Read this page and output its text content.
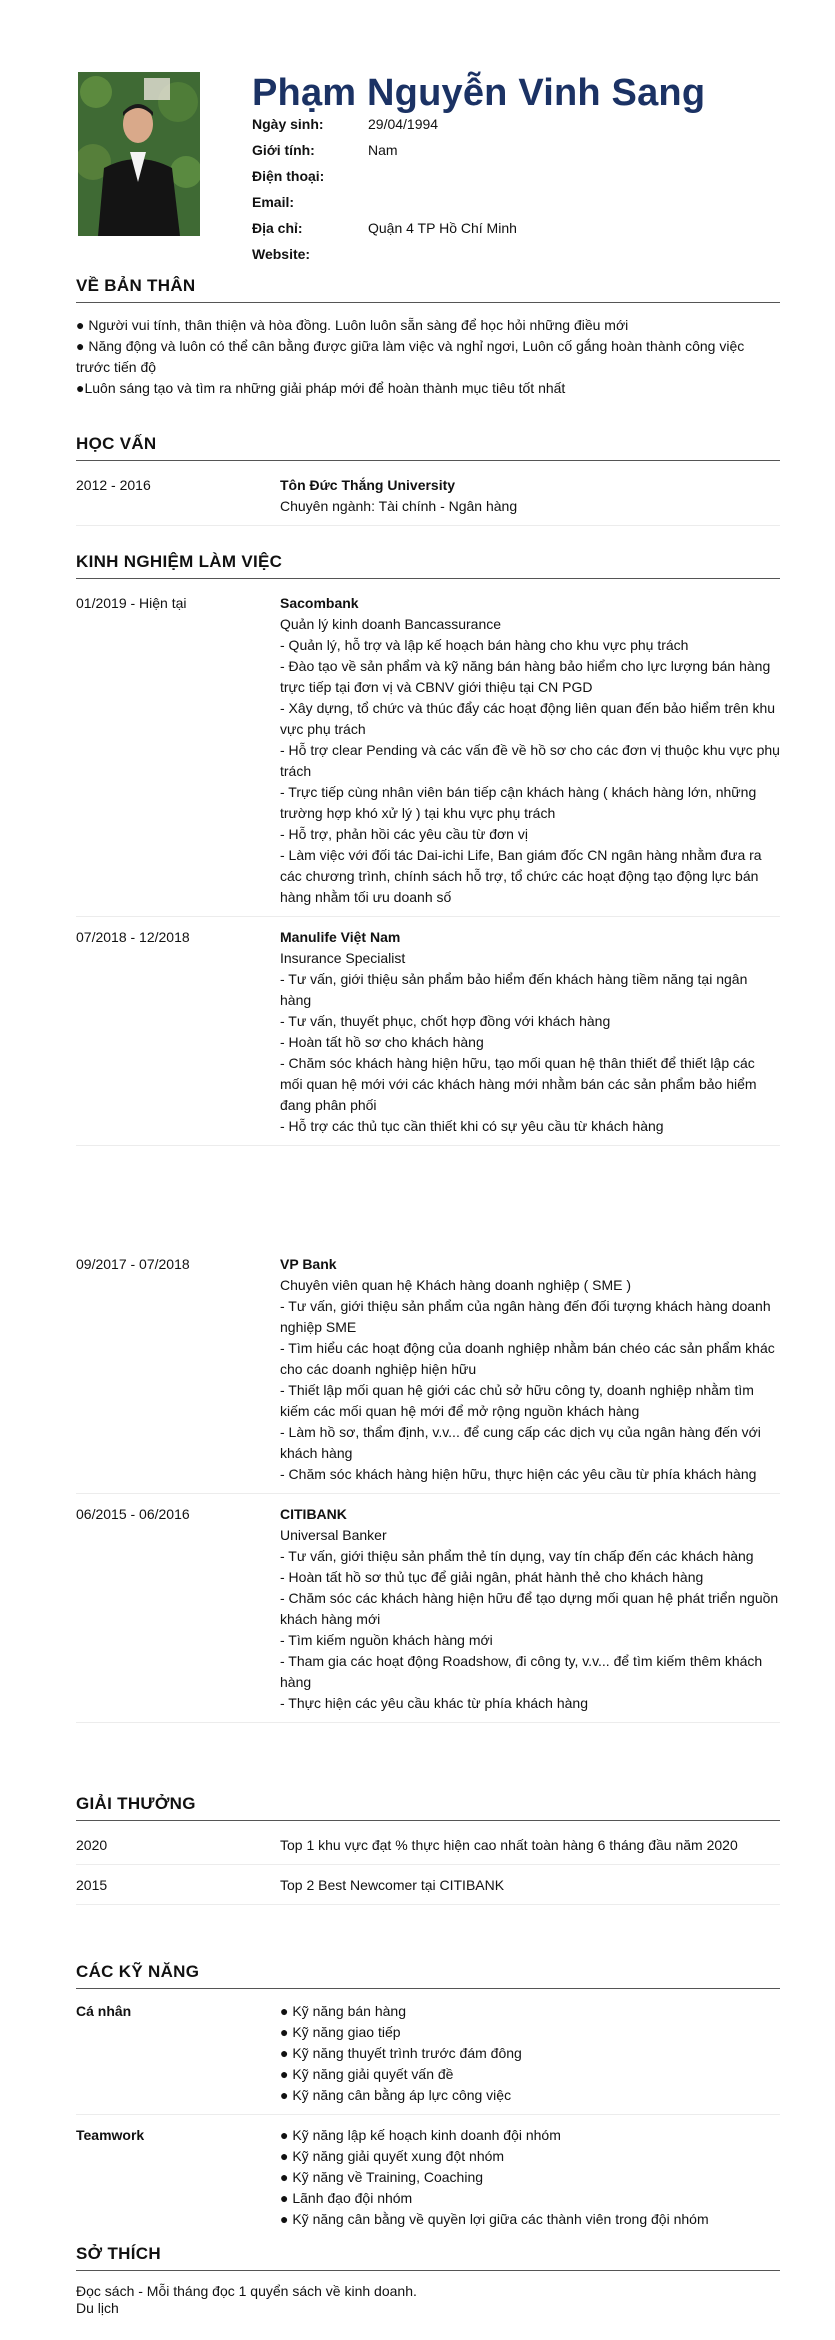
Phạm Nguyễn Vinh Sang
Ngày sinh:	29/04/1994
Giới tính:	Nam
Điện thoại:
Email:
Địa chỉ:	Quận 4 TP Hồ Chí Minh
Website:
VỀ BẢN THÂN
● Người vui tính, thân thiện và hòa đồng. Luôn luôn sẵn sàng để học hỏi những điều mới
● Năng động và luôn có thể cân bằng được giữa làm việc và nghỉ ngơi, Luôn cố gắng hoàn thành công việc trước tiến độ
●Luôn sáng tạo và tìm ra những giải pháp mới để hoàn thành mục tiêu tốt nhất
HỌC VẤN
2012 - 2016	Tôn Đức Thắng University
Chuyên ngành: Tài chính - Ngân hàng
KINH NGHIỆM LÀM VIỆC
01/2019 - Hiện tại	Sacombank
Quản lý kinh doanh Bancassurance
- Quản lý, hỗ trợ và lập kế hoạch bán hàng cho khu vực phụ trách
- Đào tạo về sản phẩm và kỹ năng bán hàng bảo hiểm cho lực lượng bán hàng trực tiếp tại đơn vị và CBNV giới thiệu tại CN PGD
- Xây dựng, tổ chức và thúc đẩy các hoạt động liên quan đến bảo hiểm trên khu vực phụ trách
- Hỗ trợ clear Pending và các vấn đề về hồ sơ cho các đơn vị thuộc khu vực phụ trách
- Trực tiếp cùng nhân viên bán tiếp cận khách hàng ( khách hàng lớn, những trường hợp khó xử lý ) tại khu vực phụ trách
- Hỗ trợ, phản hồi các yêu cầu từ đơn vị
- Làm việc với đối tác Dai-ichi Life, Ban giám đốc CN ngân hàng nhằm đưa ra các chương trình, chính sách hỗ trợ, tổ chức các hoạt động tạo động lực bán hàng nhằm tối ưu doanh số
07/2018 - 12/2018	Manulife Việt Nam
Insurance Specialist
- Tư vấn, giới thiệu sản phẩm bảo hiểm đến khách hàng tiềm năng tại ngân hàng
- Tư vấn, thuyết phục, chốt hợp đồng với khách hàng
- Hoàn tất hồ sơ cho khách hàng
- Chăm sóc khách hàng hiện hữu, tạo mối quan hệ thân thiết để thiết lập các mối quan hệ mới với các khách hàng mới nhằm bán các sản phẩm bảo hiểm đang phân phối
- Hỗ trợ các thủ tục cần thiết khi có sự yêu cầu từ khách hàng
09/2017 - 07/2018	VP Bank
Chuyên viên quan hệ Khách hàng doanh nghiệp ( SME )
- Tư vấn, giới thiệu sản phẩm của ngân hàng đến đối tượng khách hàng doanh nghiệp SME
- Tìm hiểu các hoạt động của doanh nghiệp nhằm bán chéo các sản phẩm khác cho các doanh nghiệp hiện hữu
- Thiết lập mối quan hệ giới các chủ sở hữu công ty, doanh nghiệp nhằm tìm kiếm các mối quan hệ mới để mở rộng nguồn khách hàng
- Làm hồ sơ, thẩm định, v.v... để cung cấp các dịch vụ của ngân hàng đến với khách hàng
- Chăm sóc khách hàng hiện hữu, thực hiện các yêu cầu từ phía khách hàng
06/2015 - 06/2016	CITIBANK
Universal Banker
- Tư vấn, giới thiệu sản phẩm thẻ tín dụng, vay tín chấp đến các khách hàng
- Hoàn tất hồ sơ thủ tục để giải ngân, phát hành thẻ cho khách hàng
- Chăm sóc các khách hàng hiện hữu để tạo dựng mối quan hệ phát triển nguồn khách hàng mới
- Tìm kiếm nguồn khách hàng mới
- Tham gia các hoạt động Roadshow, đi công ty, v.v... để tìm kiếm thêm khách hàng
- Thực hiện các yêu cầu khác từ phía khách hàng
GIẢI THƯỞNG
2020	Top 1 khu vực đạt % thực hiện cao nhất toàn hàng 6 tháng đầu năm 2020
2015	Top 2 Best Newcomer tại CITIBANK
CÁC KỸ NĂNG
Cá nhân	● Kỹ năng bán hàng
● Kỹ năng giao tiếp
● Kỹ năng thuyết trình trước đám đông
● Kỹ năng giải quyết vấn đề
● Kỹ năng cân bằng áp lực công việc
Teamwork	● Kỹ năng lập kế hoạch kinh doanh đội nhóm
● Kỹ năng giải quyết xung đột nhóm
● Kỹ năng về Training, Coaching
● Lãnh đạo đội nhóm
● Kỹ năng cân bằng về quyền lợi giữa các thành viên trong đội nhóm
SỞ THÍCH
Đọc sách - Mỗi tháng đọc 1 quyển sách về kinh doanh.
Du lịch
